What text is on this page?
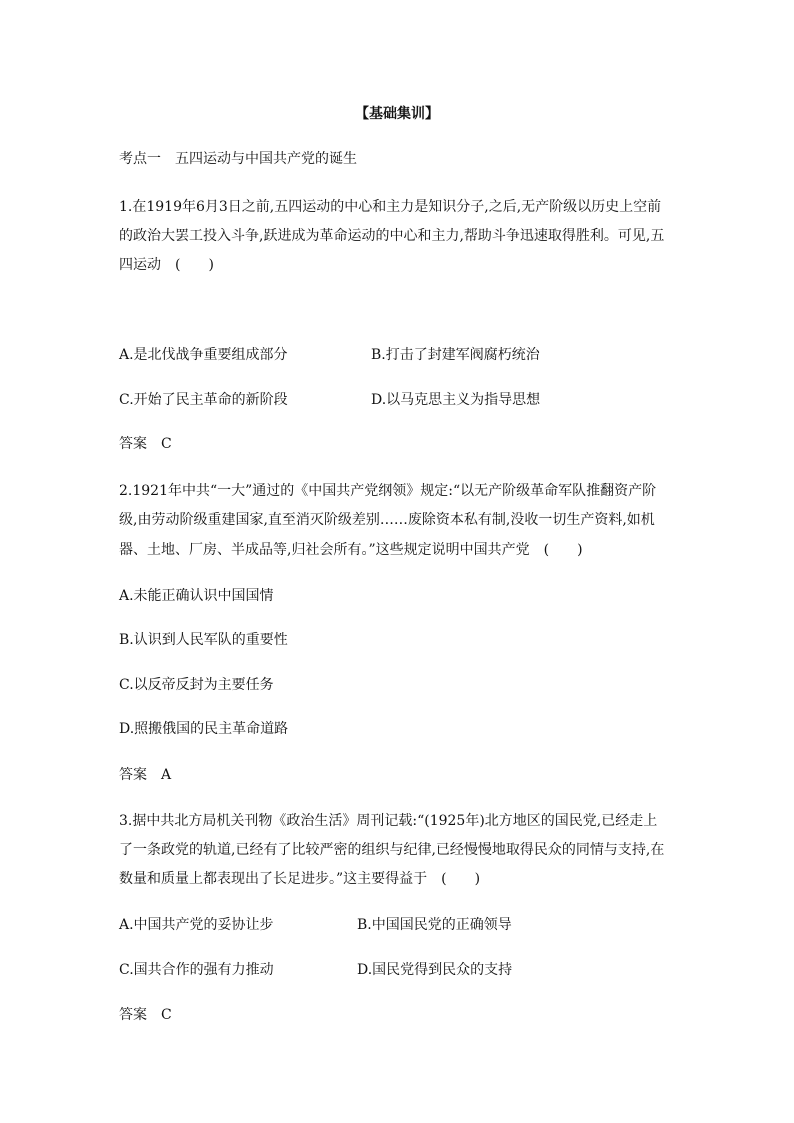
【基础集训】
考点一　五四运动与中国共产党的诞生
1.在1919年6月3日之前,五四运动的中心和主力是知识分子,之后,无产阶级以历史上空前
的政治大罢工投入斗争,跃进成为革命运动的中心和主力,帮助斗争迅速取得胜利。可见,五
四运动　(　　)
A.是北伐战争重要组成部分	B.打击了封建军阀腐朽统治
C.开始了民主革命的新阶段	D.以马克思主义为指导思想
答案　C
2.1921年中共“一大”通过的《中国共产党纲领》规定:“以无产阶级革命军队推翻资产阶
级,由劳动阶级重建国家,直至消灭阶级差别……废除资本私有制,没收一切生产资料,如机
器、土地、厂房、半成品等,归社会所有。”这些规定说明中国共产党　(　　)
A.未能正确认识中国国情
B.认识到人民军队的重要性
C.以反帝反封为主要任务
D.照搬俄国的民主革命道路
答案　A
3.据中共北方局机关刊物《政治生活》周刊记载:“(1925年)北方地区的国民党,已经走上
了一条政党的轨道,已经有了比较严密的组织与纪律,已经慢慢地取得民众的同情与支持,在
数量和质量上都表现出了长足进步。”这主要得益于　(　　)
A.中国共产党的妥协让步	B.中国国民党的正确领导
C.国共合作的强有力推动	D.国民党得到民众的支持
答案　C
